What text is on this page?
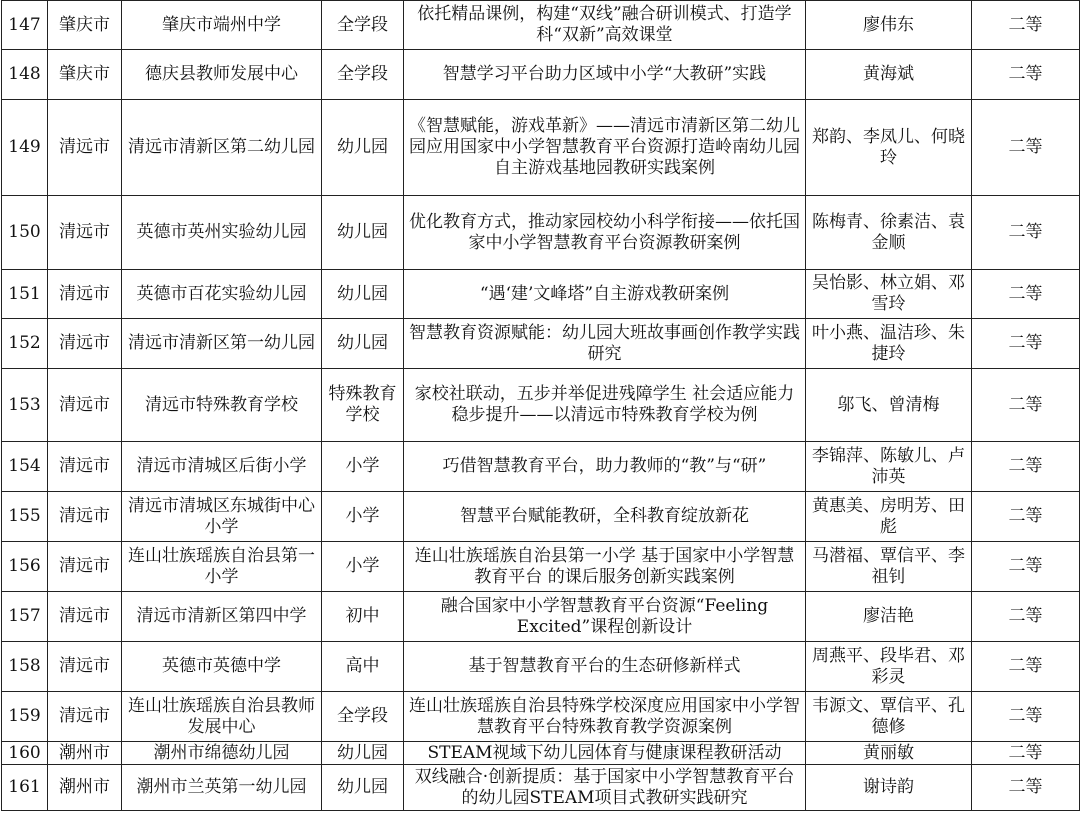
147	肇庆市	肇庆市端州中学	全学段	依托精品课例，构建“双线”融合研训模式、打造学科“双新”高效课堂	廖伟东	二等
148	肇庆市	德庆县教师发展中心	全学段	智慧学习平台助力区域中小学“大教研”实践	黄海斌	二等
149	清远市	清远市清新区第二幼儿园	幼儿园	《智慧赋能，游戏革新》——清远市清新区第二幼儿园应用国家中小学智慧教育平台资源打造岭南幼儿园自主游戏基地园教研实践案例	郑韵、李凤儿、何晓玲	二等
150	清远市	英德市英州实验幼儿园	幼儿园	优化教育方式，推动家园校幼小科学衔接——依托国家中小学智慧教育平台资源教研案例	陈梅青、徐素洁、袁金顺	二等
151	清远市	英德市百花实验幼儿园	幼儿园	“遇‘建’文峰塔”自主游戏教研案例	吴怡影、林立娟、邓雪玲	二等
152	清远市	清远市清新区第一幼儿园	幼儿园	智慧教育资源赋能：幼儿园大班故事画创作教学实践研究	叶小燕、温洁珍、朱捷玲	二等
153	清远市	清远市特殊教育学校	特殊教育学校	家校社联动，五步并举促进残障学生 社会适应能力稳步提升——以清远市特殊教育学校为例	邬飞、曾清梅	二等
154	清远市	清远市清城区后街小学	小学	巧借智慧教育平台，助力教师的“教”与“研”	李锦萍、陈敏儿、卢沛英	二等
155	清远市	清远市清城区东城街中心小学	小学	智慧平台赋能教研，全科教育绽放新花	黄惠美、房明芳、田彪	二等
156	清远市	连山壮族瑶族自治县第一小学	小学	连山壮族瑶族自治县第一小学 基于国家中小学智慧教育平台 的课后服务创新实践案例	马潜福、覃信平、李祖钊	二等
157	清远市	清远市清新区第四中学	初中	融合国家中小学智慧教育平台资源“Feeling Excited”课程创新设计	廖洁艳	二等
158	清远市	英德市英德中学	高中	基于智慧教育平台的生态研修新样式	周燕平、段毕君、邓彩灵	二等
159	清远市	连山壮族瑶族自治县教师发展中心	全学段	连山壮族瑶族自治县特殊学校深度应用国家中小学智慧教育平台特殊教育教学资源案例	韦源文、覃信平、孔德修	二等
160	潮州市	潮州市绵德幼儿园	幼儿园	STEAM视域下幼儿园体育与健康课程教研活动	黄丽敏	二等
161	潮州市	潮州市兰英第一幼儿园	幼儿园	双线融合·创新提质：基于国家中小学智慧教育平台的幼儿园STEAM项目式教研实践研究	谢诗韵	二等
